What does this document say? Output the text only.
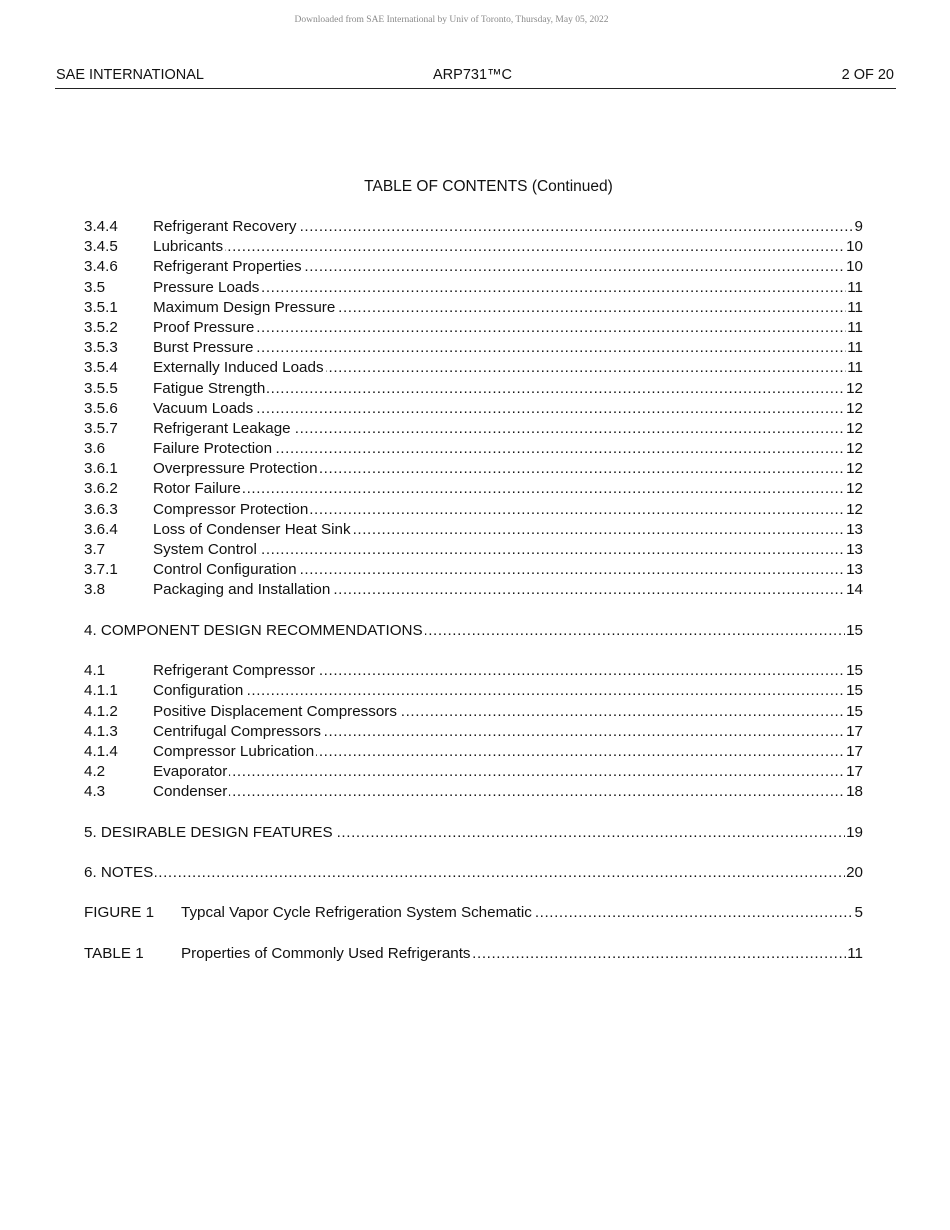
Downloaded from SAE International by Univ of Toronto, Thursday, May 05, 2022
SAE INTERNATIONAL	ARP731™C	2 OF 20
TABLE OF CONTENTS (Continued)
3.4.4	Refrigerant Recovery .....	9
3.4.5	Lubricants .....	10
3.4.6	Refrigerant Properties .....	10
3.5	Pressure Loads .....	11
3.5.1	Maximum Design Pressure .....	11
3.5.2	Proof Pressure .....	11
3.5.3	Burst Pressure .....	11
3.5.4	Externally Induced Loads .....	11
3.5.5	Fatigue Strength .....	12
3.5.6	Vacuum Loads .....	12
3.5.7	Refrigerant Leakage .....	12
3.6	Failure Protection .....	12
3.6.1	Overpressure Protection .....	12
3.6.2	Rotor Failure .....	12
3.6.3	Compressor Protection .....	12
3.6.4	Loss of Condenser Heat Sink .....	13
3.7	System Control .....	13
3.7.1	Control Configuration .....	13
3.8	Packaging and Installation .....	14
4. COMPONENT DESIGN RECOMMENDATIONS .....	15
4.1	Refrigerant Compressor .....	15
4.1.1	Configuration .....	15
4.1.2	Positive Displacement Compressors .....	15
4.1.3	Centrifugal Compressors .....	17
4.1.4	Compressor Lubrication .....	17
4.2	Evaporator .....	17
4.3	Condenser .....	18
5. DESIRABLE DESIGN FEATURES .....	19
6. NOTES .....	20
FIGURE 1	Typcal Vapor Cycle Refrigeration System Schematic .....	5
TABLE 1	Properties of Commonly Used Refrigerants .....	11
